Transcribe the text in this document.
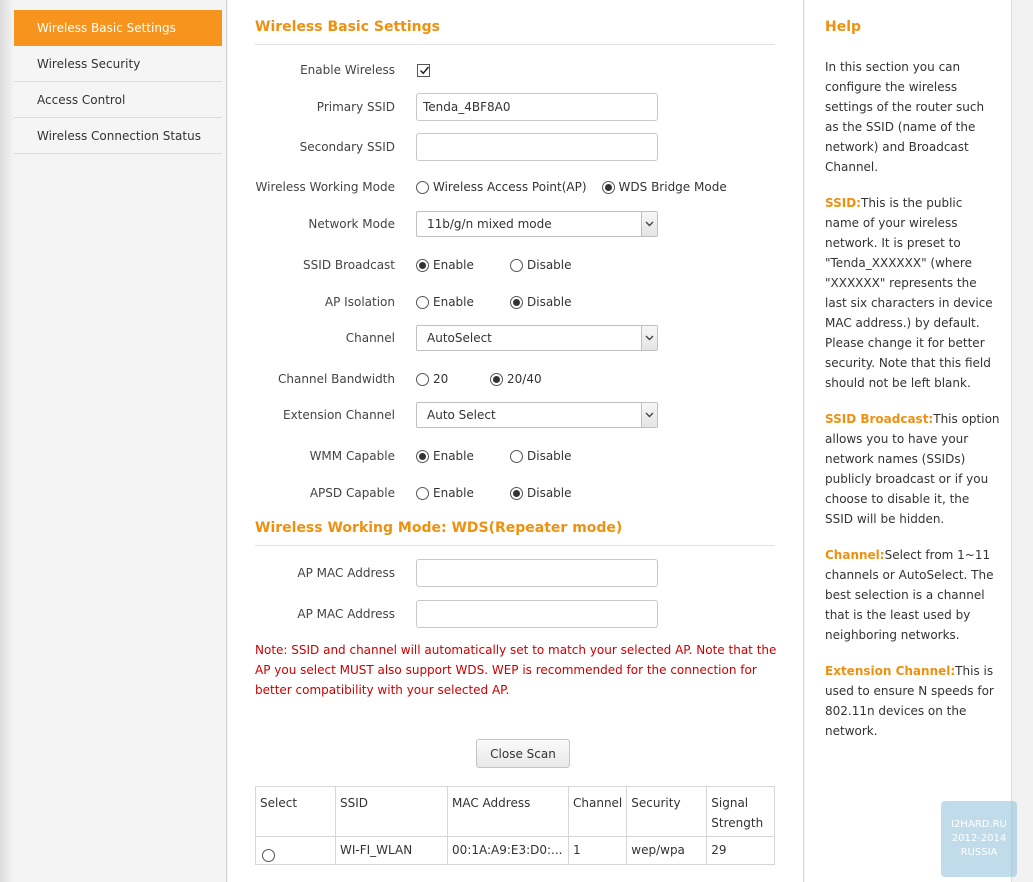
Wireless Basic Settings
Wireless Security
Access Control
Wireless Connection Status
Wireless Basic Settings
Enable Wireless
Primary SSID	Tenda_4BF8A0
Secondary SSID
Wireless Working Mode	Wireless Access Point(AP)	WDS Bridge Mode
Network Mode	11b/g/n mixed mode
SSID Broadcast	Enable	Disable
AP Isolation	Enable	Disable
Channel	AutoSelect
Channel Bandwidth	20	20/40
Extension Channel	Auto Select
WMM Capable	Enable	Disable
APSD Capable	Enable	Disable
Wireless Working Mode: WDS(Repeater mode)
AP MAC Address
AP MAC Address
Note: SSID and channel will automatically set to match your selected AP. Note that the AP you select MUST also support WDS. WEP is recommended for the connection for better compatibility with your selected AP.
Close Scan
Select	SSID	MAC Address	Channel	Security	Signal Strength

	WI-FI_WLAN	00:1A:A9:E3:D0:...	1	wep/wpa	29
Help

In this section you can configure the wireless settings of the router such as the SSID (name of the network) and Broadcast Channel.

SSID:This is the public name of your wireless network. It is preset to "Tenda_XXXXXX" (where "XXXXXX" represents the last six characters in device MAC address.) by default. Please change it for better security. Note that this field should not be left blank.

SSID Broadcast:This option allows you to have your network names (SSIDs) publicly broadcast or if you choose to disable it, the SSID will be hidden.

Channel:Select from 1~11 channels or AutoSelect. The best selection is a channel that is the least used by neighboring networks.

Extension Channel:This is used to ensure N speeds for 802.11n devices on the network.

I2HARD.RU
2012-2014
RUSSIA
